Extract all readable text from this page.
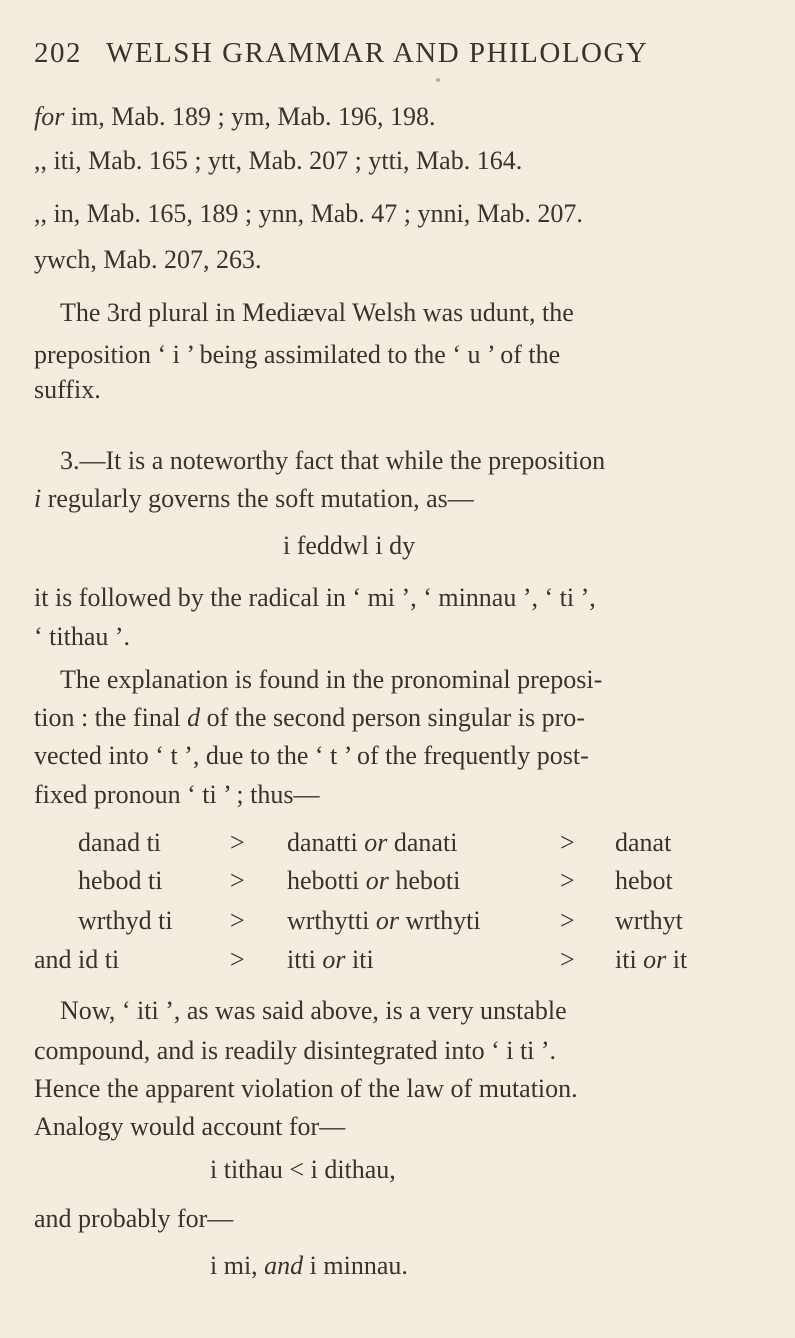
202 WELSH GRAMMAR AND PHILOLOGY
for im, Mab. 189 ; ym, Mab. 196, 198.
,, iti, Mab. 165 ; ytt, Mab. 207 ; ytti, Mab. 164.
,, in, Mab. 165, 189 ; ynn, Mab. 47 ; ynni, Mab. 207.
ywch, Mab. 207, 263.
The 3rd plural in Mediæval Welsh was udunt, the
preposition ‘ i ’ being assimilated to the ‘ u ’ of the
suffix.
3.—It is a noteworthy fact that while the preposition
i regularly governs the soft mutation, as—
i feddwl i dy
it is followed by the radical in ‘ mi ’, ‘ minnau ’, ‘ ti ’,
‘ tithau ’.
The explanation is found in the pronominal preposi-
tion : the final d of the second person singular is pro-
vected into ‘ t ’, due to the ‘ t ’ of the frequently post-
fixed pronoun ‘ ti ’ ; thus—
danad ti	> danatti or danati	> danat
hebod ti	> hebotti or heboti	> hebot
wrthyd ti > wrthytti or wrthyti	> wrthyt
and id ti	> itti or iti	> iti or it
Now, ‘ iti ’, as was said above, is a very unstable
compound, and is readily disintegrated into ‘ i ti ’.
Hence the apparent violation of the law of mutation.
Analogy would account for—
i tithau < i dithau,
and probably for—
i mi, and i minnau.
